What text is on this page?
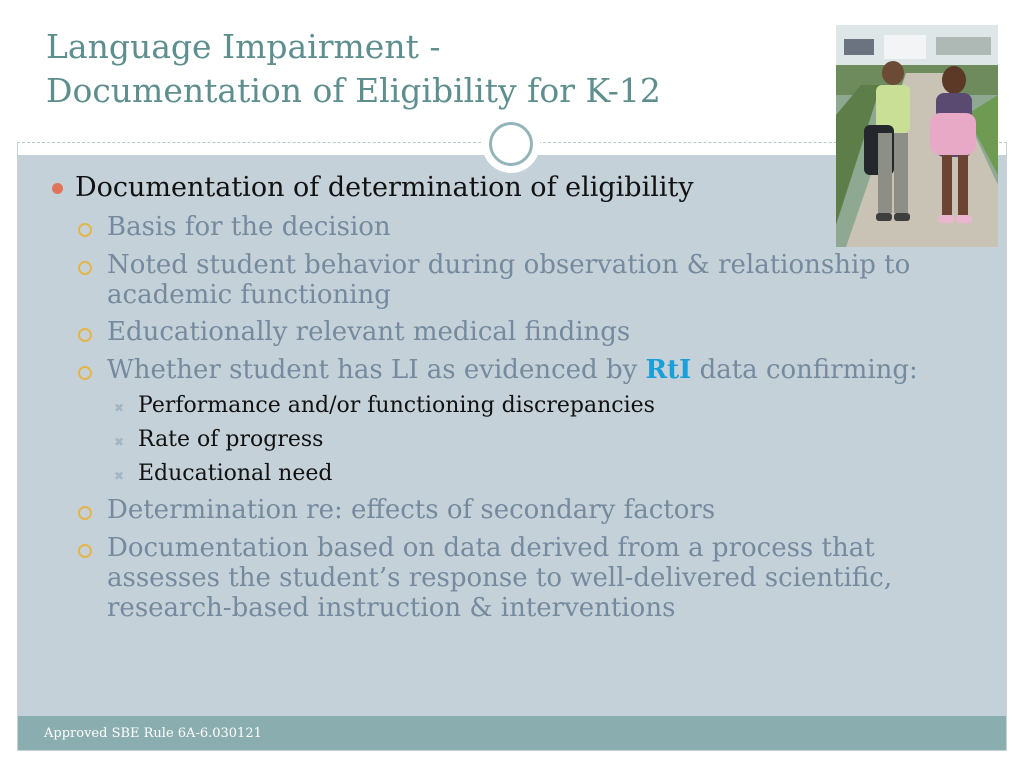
Language Impairment -
Documentation of Eligibility for K-12
Documentation of determination of eligibility
Basis for the decision
Noted student behavior during observation & relationship to academic functioning
Educationally relevant medical findings
Whether student has LI as evidenced by RtI data confirming:
✖ Performance and/or functioning discrepancies
✖ Rate of progress
✖ Educational need
Determination re: effects of secondary factors
Documentation based on data derived from a process that assesses the student’s response to well-delivered scientific, research-based instruction & interventions
Approved SBE Rule 6A-6.030121
